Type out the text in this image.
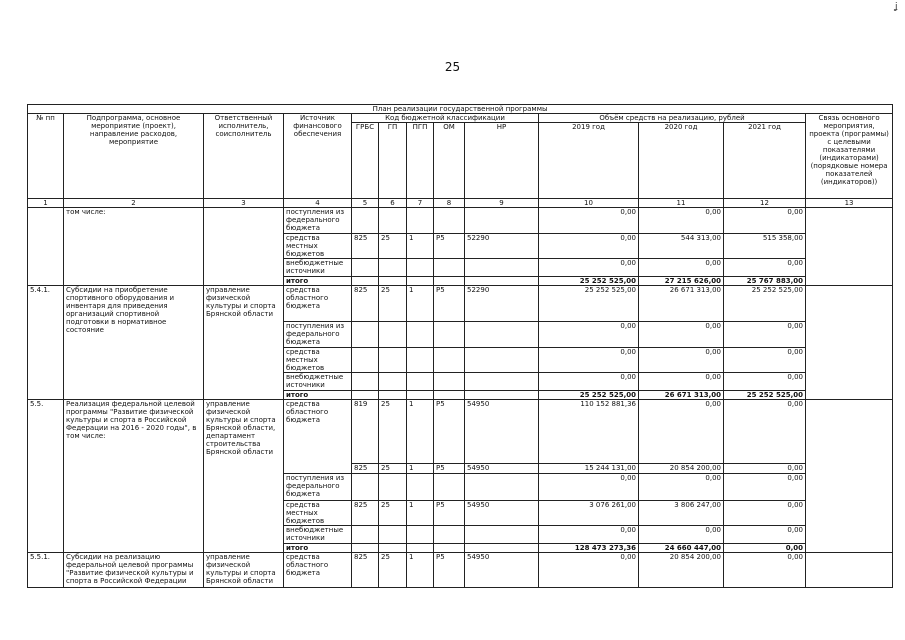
ʝ
25
План реализации государственной программы												
№ пп	Подпрограмма, основное мероприятие (проект), направление расходов, мероприятие	Ответственный исполнитель, соисполнитель	Источник финансового обеспечения	Код бюджетной классификации					Объём средств на реализацию, рублей			Связь основного мероприятия, проекта (программы) с целевыми показателями (индикаторами) (порядковые номера показателей (индикаторов))
				ГРБС	ГП	ПГП	ОМ	НР	2019 год	2020 год	2021 год	
1	2	3	4	5	6	7	8	9	10	11	12	13
	том числе:		поступления из федерального бюджета						0,00	0,00	0,00	
			средства местных бюджетов	825	25	1	P5	52290	0,00	544 313,00	515 358,00	
			внебюджетные источники						0,00	0,00	0,00	
			итого						25 252 525,00	27 215 626,00	25 767 883,00	
5.4.1.	Субсидии на приобретение спортивного оборудования и инвентаря для приведения организаций спортивной подготовки в нормативное состояние	управление физической культуры и спорта Брянской области	средства областного бюджета	825	25	1	P5	52290	25 252 525,00	26 671 313,00	25 252 525,00	
			поступления из федерального бюджета						0,00	0,00	0,00	
			средства местных бюджетов						0,00	0,00	0,00	
			внебюджетные источники						0,00	0,00	0,00	
			итого						25 252 525,00	26 671 313,00	25 252 525,00	
5.5.	Реализация федеральной целевой программы "Развитие физической культуры и спорта в Российской Федерации на 2016 - 2020 годы", в том числе:	управление физической культуры и спорта Брянской области, департамент строительства Брянской области	средства областного бюджета	819	25	1	P5	54950	110 152 881,36	0,00	0,00	
				825	25	1	P5	54950	15 244 131,00	20 854 200,00	0,00	
			поступления из федерального бюджета						0,00	0,00	0,00	
			средства местных бюджетов	825	25	1	P5	54950	3 076 261,00	3 806 247,00	0,00	
			внебюджетные источники						0,00	0,00	0,00	
			итого						128 473 273,36	24 660 447,00	0,00	
5.5.1.	Субсидии на реализацию федеральной целевой программы "Развитие физической культуры и спорта в Российской Федерации	управление физической культуры и спорта Брянской области	средства областного бюджета	825	25	1	P5	54950	0,00	20 854 200,00	0,00	
